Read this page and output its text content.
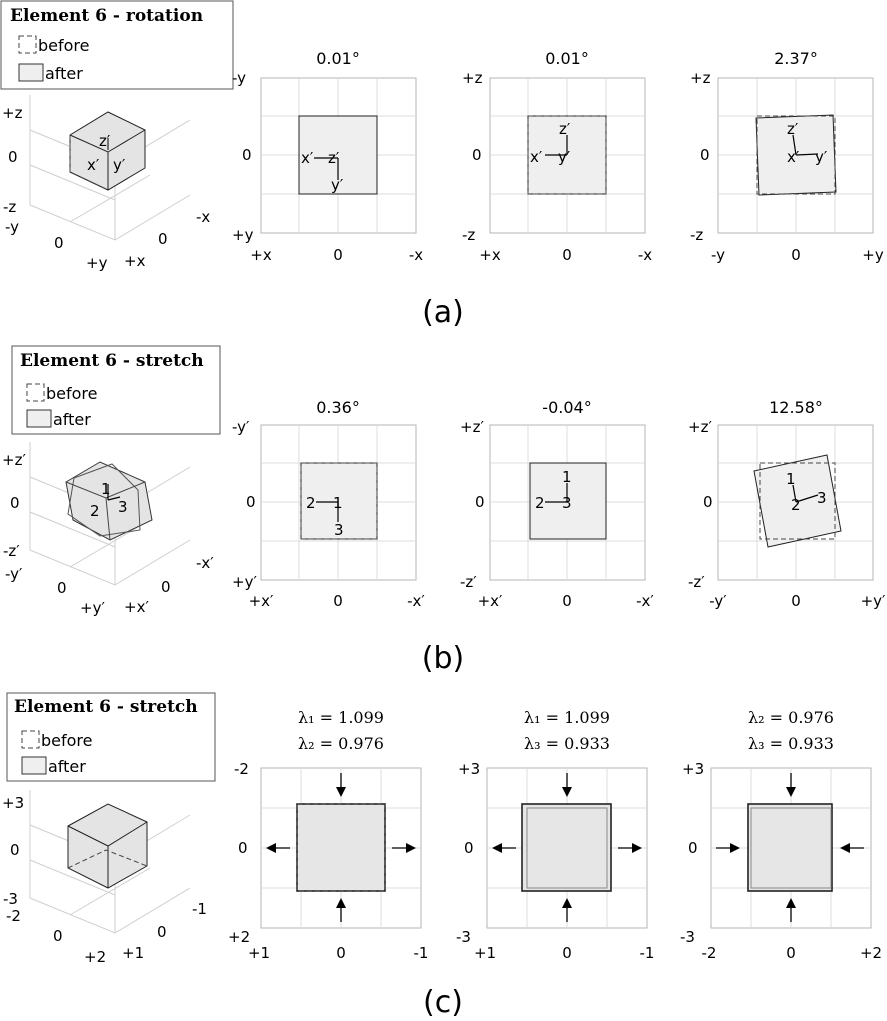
Element 6 - rotation
before
after
z′
x′ y′
+z
0
-z
-y
0
+y
-x
0
+x
0.01°
x′ z′
y′
-y
0
+y
+x	0	-x
0.01°
z′
x′ y′
+z
0
-z
+x	0	-x
2.37°
z′
x′ y′
+z
0
-z
-y	0	+y
(a)
Element 6 - stretch
before
after
1
2 3
+z′
0
-z′
-y′
0
+y′
-x′
0
+x′
0.36°
2 1
3
-y′
0
+y′
+x′	0	-x′
-0.04°
1
2 3
+z′
0
-z′
+x′	0	-x′
12.58°
1
2 3
+z′
0
-z′
-y′	0	+y′
(b)
Element 6 - stretch
before
after
+3
0
-3
-2
0
+2
-1
0
+1
λ₁ = 1.099
λ₂ = 0.976
-2
0
+2
+1	0	-1
λ₁ = 1.099
λ₃ = 0.933
+3
0
-3
+1	0	-1
λ₂ = 0.976
λ₃ = 0.933
+3
0
-3
-2	0	+2
(c)
